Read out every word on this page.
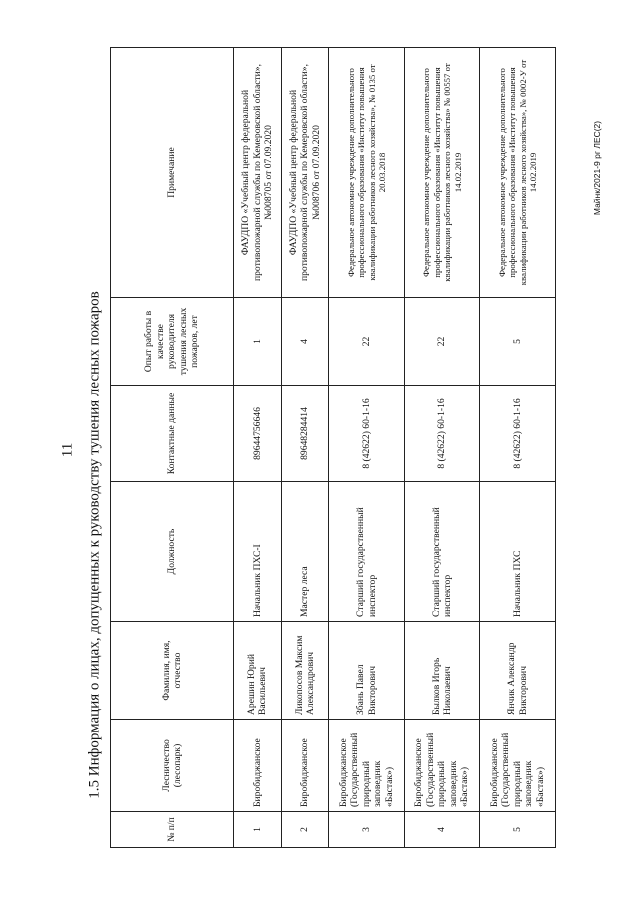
11 1.5 Информация о лицах, допущенных к руководству тушения лесных пожаров
Майнк/2021-9 рг ЛЕС(2)
№ п/п	Лесничество (лесопарк)	Фамилия, имя, отчество	Должность	Контактные данные	Опыт работы в качестве руководителя тушения лесных пожаров, лет	Примечание
1	Биробиджанское	Арешин Юрий Васильевич	Начальник ПХС-I	89644756646	1	ФАУДПО «Учебный центр федеральной противопожарной службы по Кемеровской области», №008705 от 07.09.2020
2	Биробиджанское	Ликопосов Максим Александрович	Мастер леса	89648284414	4	ФАУДПО «Учебный центр федеральной противопожарной службы по Кемеровской области», №008706 от 07.09.2020
3	Биробиджанское (Государственный природный заповедник «Бастак»)	Збань Павел Викторович	Старший государственный инспектор	8 (42622) 60-1-16	22	Федеральное автономное учреждение дополнительного профессионального образования «Институт повышения квалификации работников лесного хозяйства», № 0135 от 20.03.2018
4	Биробиджанское (Государственный природный заповедник «Бастак»)	Былков Игорь Николаевич	Старший государственный инспектор	8 (42622) 60-1-16	22	Федеральное автономное учреждение дополнительного профессионального образования «Институт повышения квалификации работников лесного хозяйства» № 00557 от 14.02.2019
5	Биробиджанское (Государственный природный заповедник «Бастак»)	Янчик Александр Викторович	Начальник ПХС	8 (42622) 60-1-16	5	Федеральное автономное учреждение дополнительного профессионального образования «Институт повышения квалификации работников лесного хозяйства», № 0002-У от 14.02.2019
